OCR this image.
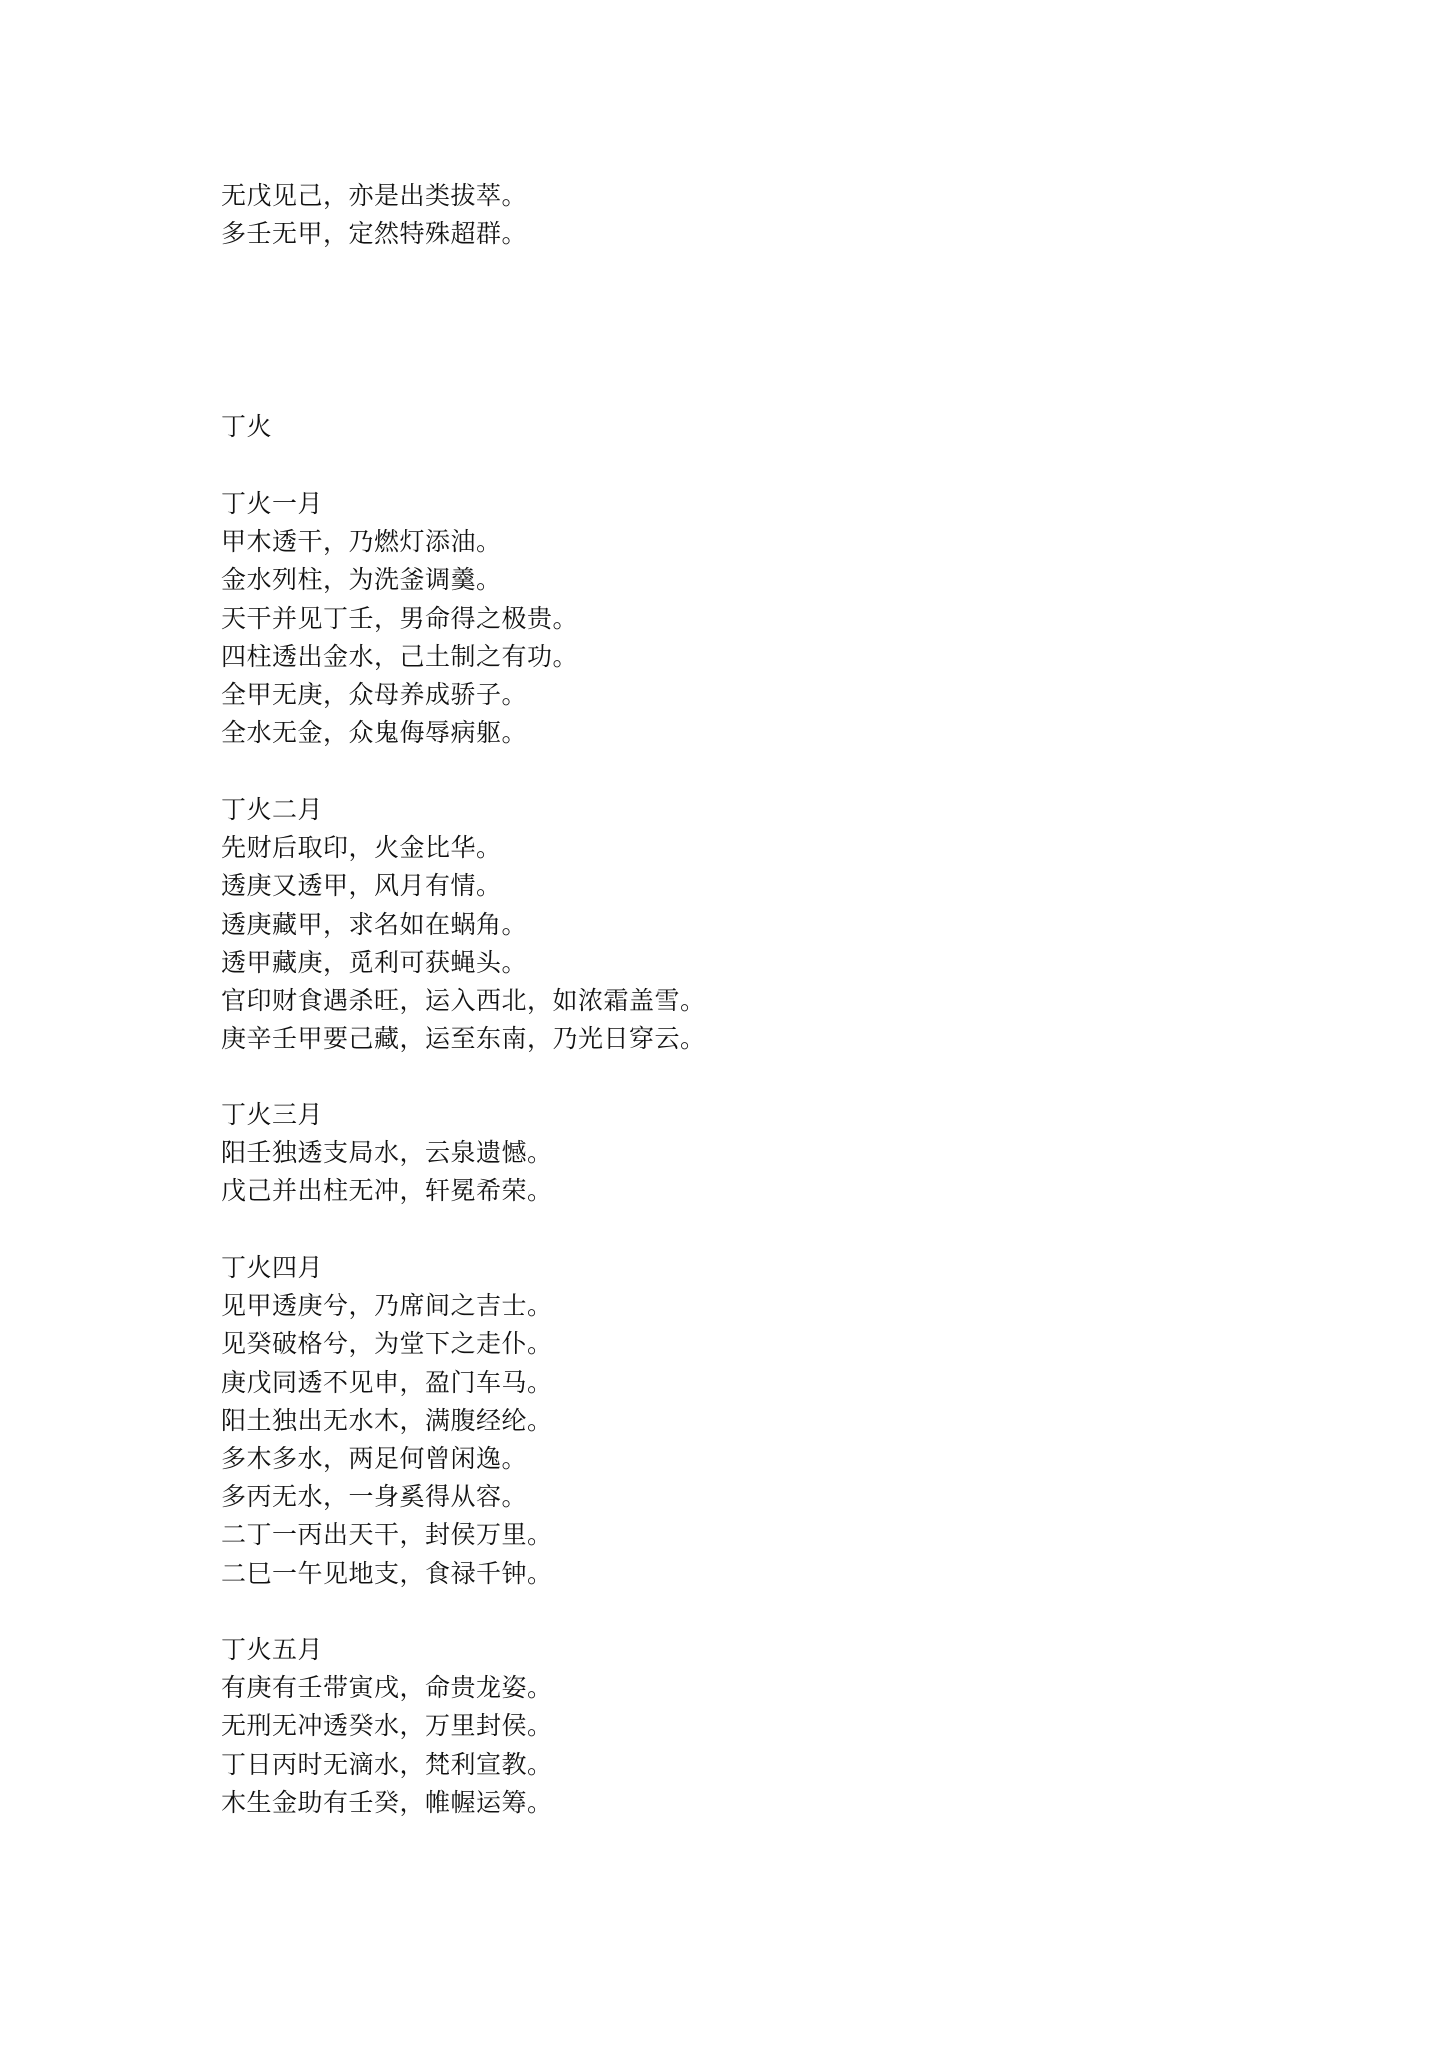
无戊见己，亦是出类拔萃。
多壬无甲，定然特殊超群。
丁火
丁火一月
甲木透干，乃燃灯添油。
金水列柱，为洗釜调羹。
天干并见丁壬，男命得之极贵。
四柱透出金水，己土制之有功。
全甲无庚，众母养成骄子。
全水无金，众鬼侮辱病躯。
丁火二月
先财后取印，火金比华。
透庚又透甲，风月有情。
透庚藏甲，求名如在蜗角。
透甲藏庚，觅利可获蝇头。
官印财食遇杀旺，运入西北，如浓霜盖雪。
庚辛壬甲要己藏，运至东南，乃光日穿云。
丁火三月
阳壬独透支局水，云泉遗憾。
戊己并出柱无冲，轩冕希荣。
丁火四月
见甲透庚兮，乃席间之吉士。
见癸破格兮，为堂下之走仆。
庚戊同透不见申，盈门车马。
阳土独出无水木，满腹经纶。
多木多水，两足何曾闲逸。
多丙无水，一身奚得从容。
二丁一丙出天干，封侯万里。
二巳一午见地支，食禄千钟。
丁火五月
有庚有壬带寅戌，命贵龙姿。
无刑无冲透癸水，万里封侯。
丁日丙时无滴水，梵利宣教。
木生金助有壬癸，帷幄运筹。
